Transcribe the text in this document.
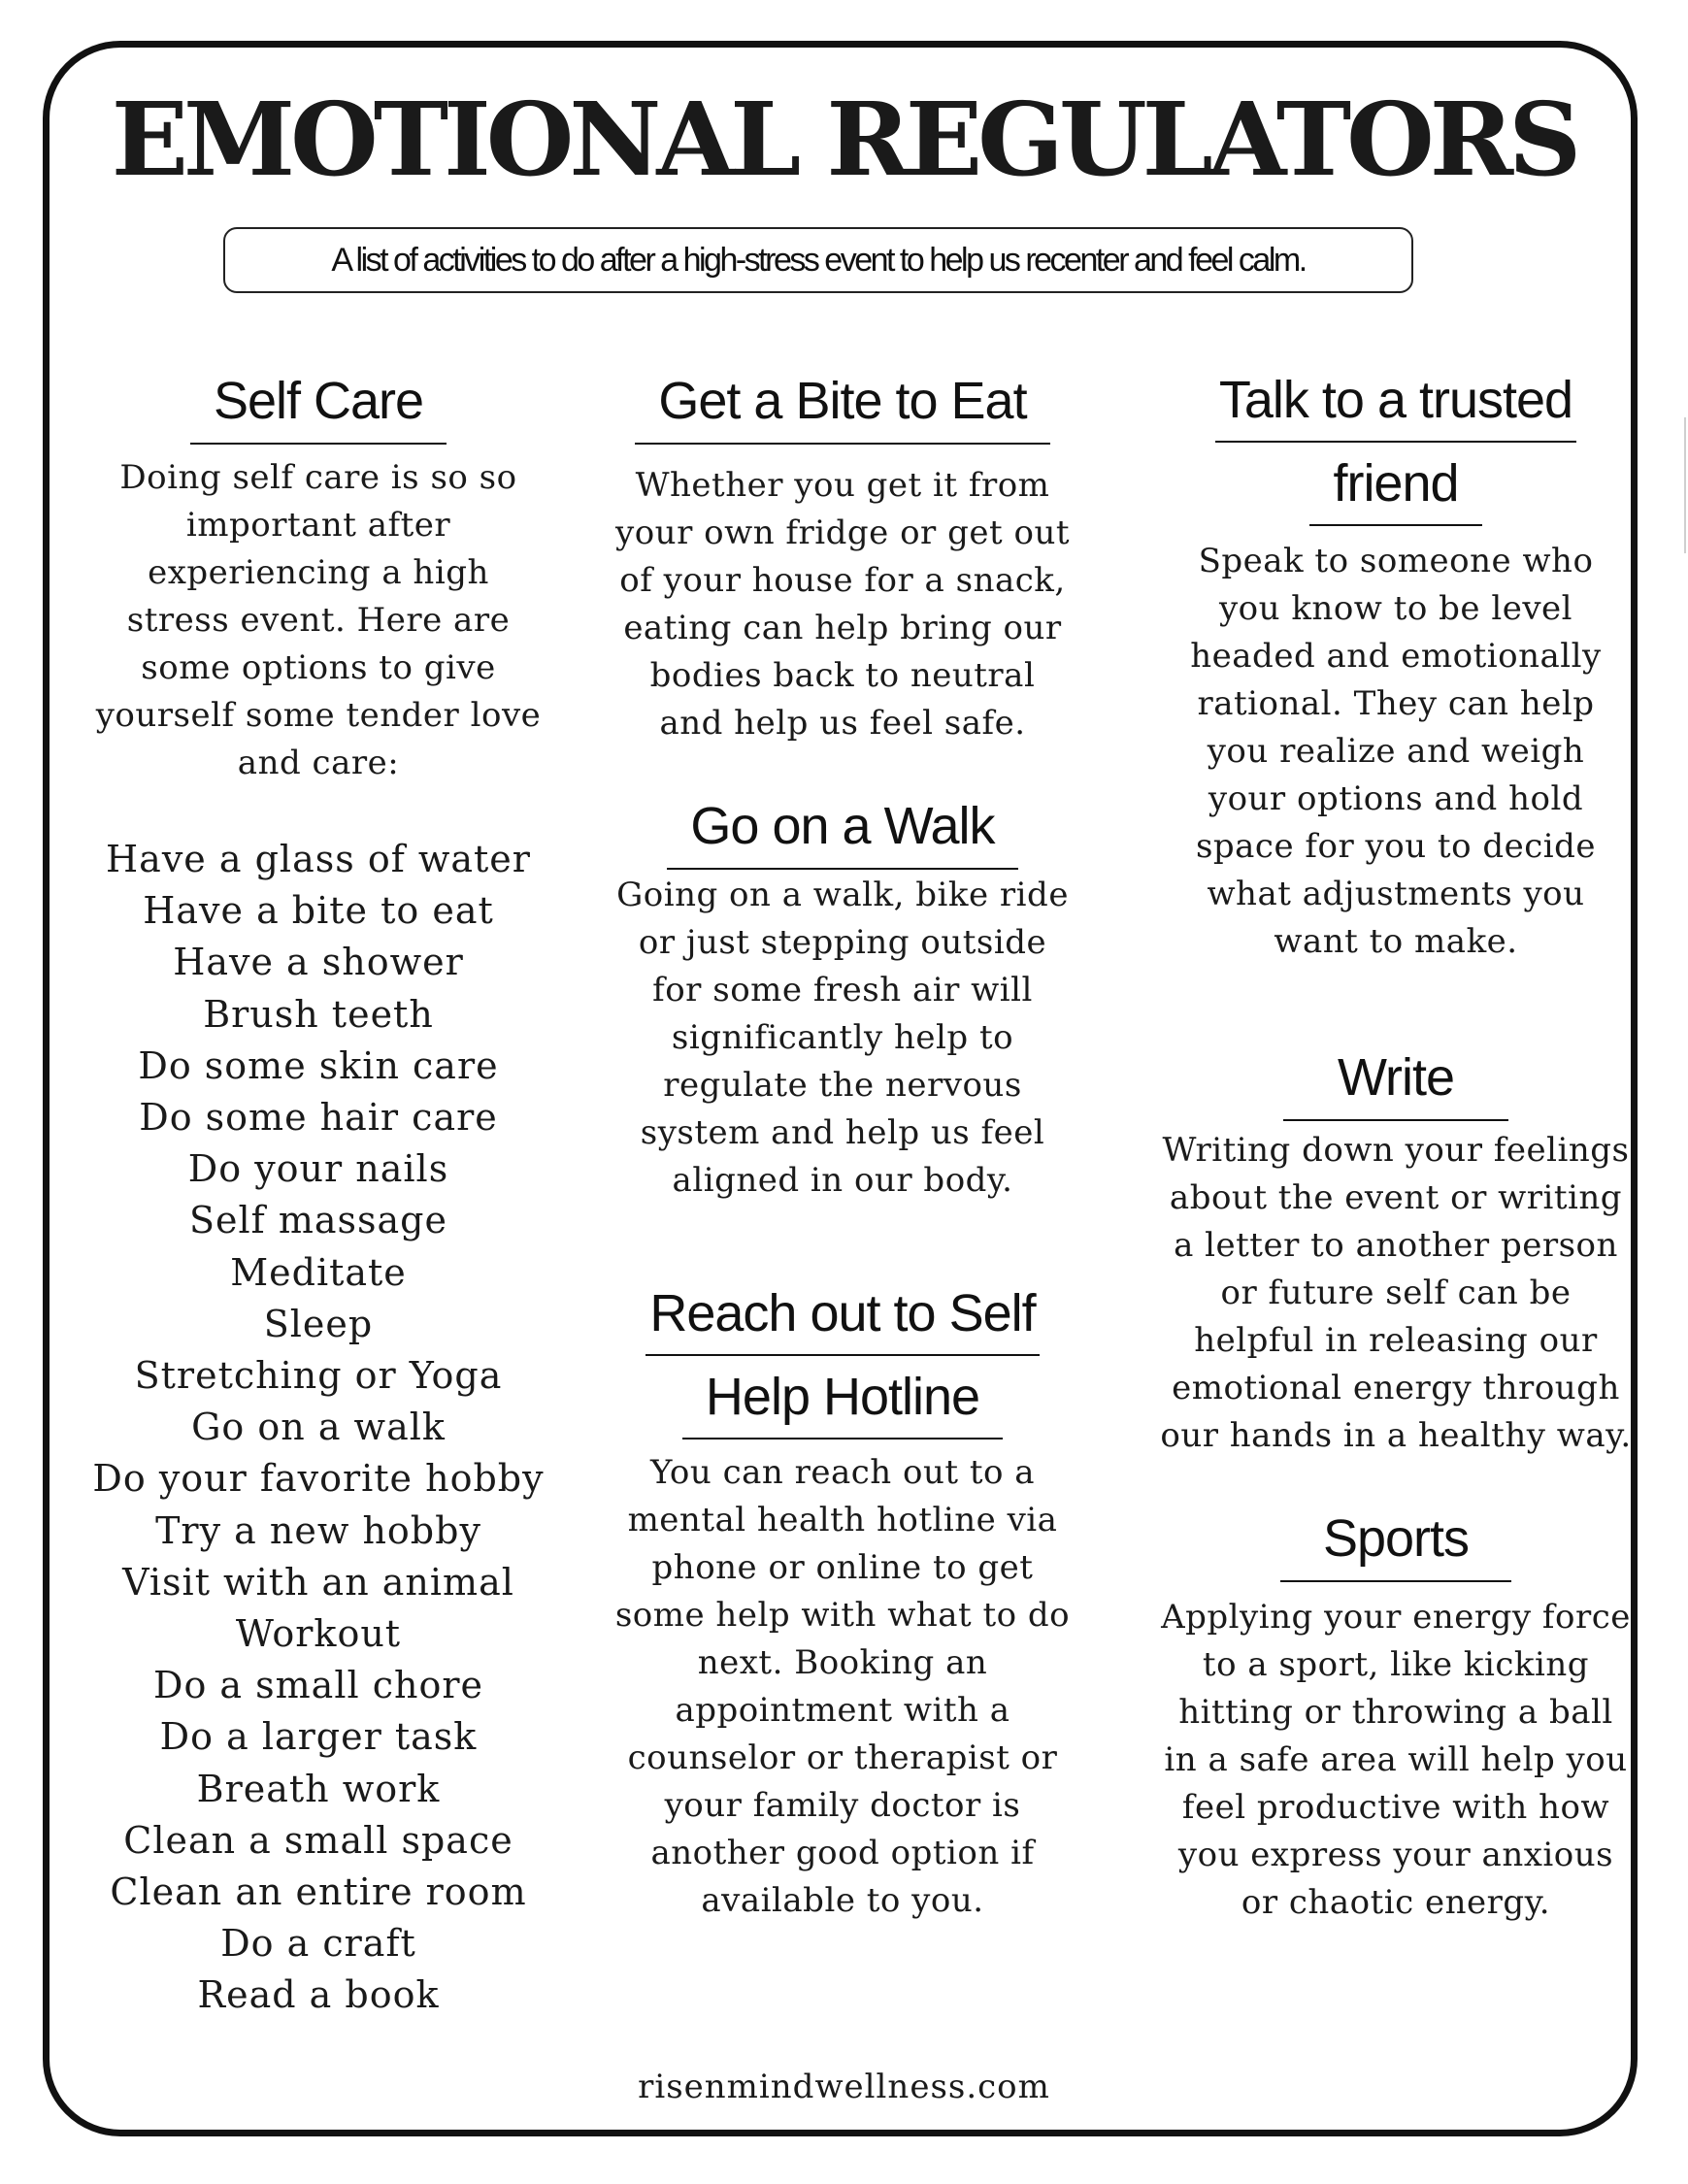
EMOTIONAL REGULATORS
A list of activities to do after a high-stress event to help us recenter and feel calm.
Self Care

Doing self care is so so important after experiencing a high stress event. Here are some options to give yourself some tender love and care:

Have a glass of water
Have a bite to eat
Have a shower
Brush teeth
Do some skin care
Do some hair care
Do your nails
Self massage
Meditate
Sleep
Stretching or Yoga
Go on a walk
Do your favorite hobby
Try a new hobby
Visit with an animal
Workout
Do a small chore
Do a larger task
Breath work
Clean a small space
Clean an entire room
Do a craft
Read a book
Get a Bite to Eat

Whether you get it from your own fridge or get out of your house for a snack, eating can help bring our bodies back to neutral and help us feel safe.

Go on a Walk

Going on a walk, bike ride or just stepping outside for some fresh air will significantly help to regulate the nervous system and help us feel aligned in our body.

Reach out to Self
Help Hotline

You can reach out to a mental health hotline via phone or online to get some help with what to do next. Booking an appointment with a counselor or therapist or your family doctor is another good option if available to you.

Talk to a trusted
friend

Speak to someone who you know to be level headed and emotionally rational. They can help you realize and weigh your options and hold space for you to decide what adjustments you want to make.

Write

Writing down your feelings about the event or writing a letter to another person or future self can be helpful in releasing our emotional energy through our hands in a healthy way.

Sports

Applying your energy force to a sport, like kicking hitting or throwing a ball in a safe area will help you feel productive with how you express your anxious or chaotic energy.

risenmindwellness.com
